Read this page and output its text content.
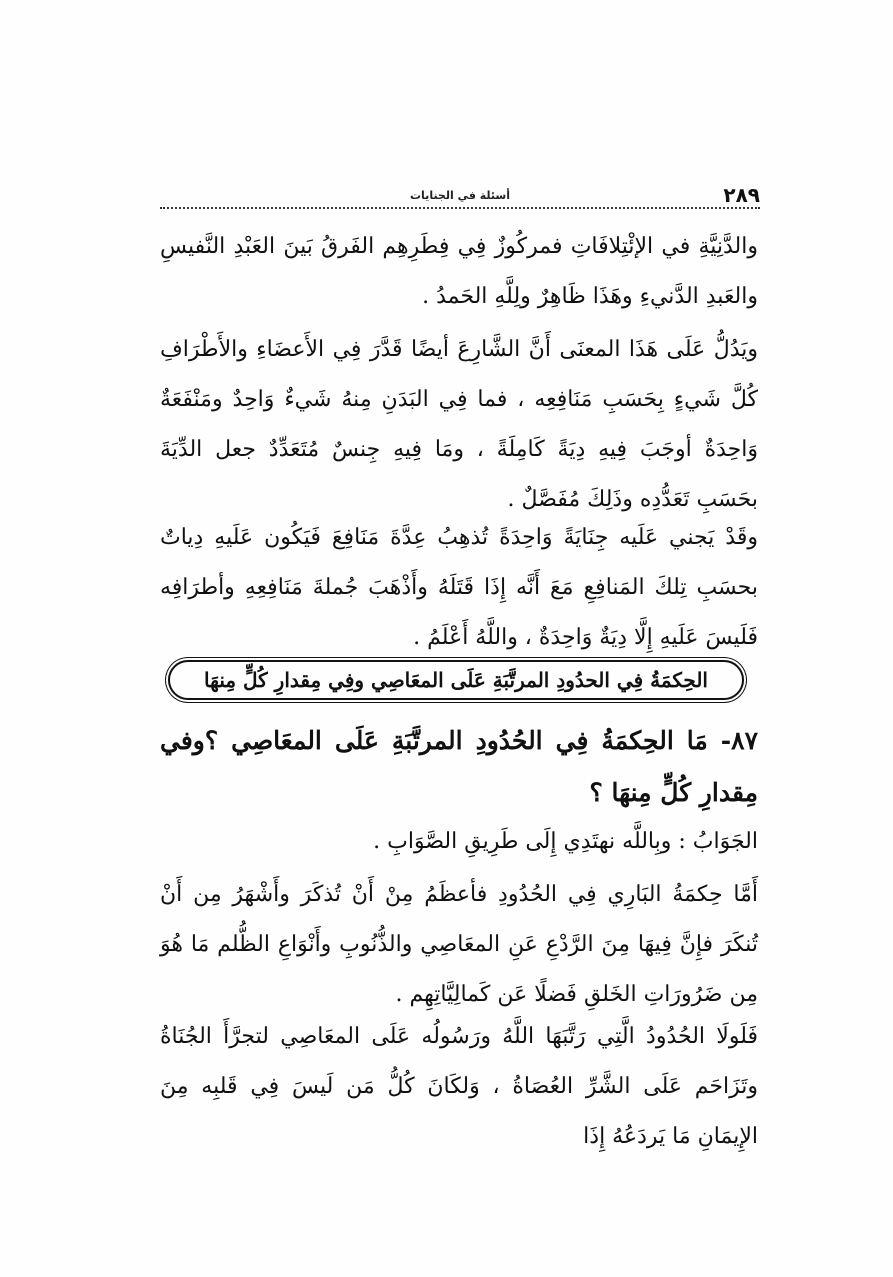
٢٨٩
أسئلة في الجنايات
والدَّنِيَّةِ في الإئْتِلافَاتِ فمركُوزٌ فِي فِطَرِهِم الفَرقُ بَينَ العَبْدِ النَّفيسِ والعَبدِ الدَّنيءِ وهَذَا ظَاهِرٌ ولِلَّهِ الحَمدُ .
ويَدُلُّ عَلَى هَذَا المعنَى أَنَّ الشَّارِعَ أيضًا قَدَّرَ فِي الأَعضَاءِ والأَطْرَافِ كُلَّ شَيءٍ بِحَسَبِ مَنَافِعِه ، فما فِي البَدَنِ مِنهُ شَيءٌ وَاحِدٌ ومَنْفَعَةٌ وَاحِدَةٌ أوجَبَ فِيهِ دِيَةً كَامِلَةً ، ومَا فِيهِ جِنسٌ مُتَعَدِّدٌ جعل الدِّيَةَ بحَسَبِ تَعَدُّدِه وذَلِكَ مُفَصَّلٌ .
وقَدْ يَجني عَلَيه جِنَايَةً وَاحِدَةً تُذهِبُ عِدَّةَ مَنَافِعَ فَيَكُون عَلَيهِ دِياتٌ بحسَبِ تِلكَ المَنافِعِ مَعَ أَنَّه إِذَا قَتَلَهُ وأَذْهَبَ جُملةَ مَنَافِعِهِ وأطرَافِه فَلَيسَ عَلَيهِ إِلَّا دِيَةٌ وَاحِدَةٌ ، واللَّهُ أَعْلَمُ .
الحِكمَةُ فِي الحدُودِ المرتَّبَةِ عَلَى المعَاصِي وفِي مِقدارِ كُلٍّ مِنهَا
٨٧- مَا الحِكمَةُ فِي الحُدُودِ المرتَّبَةِ عَلَى المعَاصِي ؟وفي مِقدارِ كُلٍّ مِنهَا ؟
الجَوَابُ : وبِاللَّه نهتَدِي إِلَى طَرِيقِ الصَّوَابِ .
أَمَّا حِكمَةُ البَارِي فِي الحُدُودِ فأعظَمُ مِنْ أَنْ تُذكَرَ وأَشْهَرُ مِن أَنْ تُنكَرَ فإِنَّ فِيهَا مِنَ الرَّدْعِ عَنِ المعَاصِي والذُّنُوبِ وأَنْوَاعِ الظُّلم مَا هُوَ مِن ضَرُورَاتِ الخَلقِ فَضلًا عَن كَمالِيَّاتِهِم .
فَلَولَا الحُدُودُ الَّتِي رَتَّبَهَا اللَّهُ ورَسُولُه عَلَى المعَاصِي لتجرَّأَ الجُنَاةُ وتَزَاحَم عَلَى الشَّرِّ العُصَاةُ ، وَلكَانَ كُلُّ مَن لَيسَ فِي قَلبِه مِنَ الإِيمَانِ مَا يَردَعُهُ إِذَا
